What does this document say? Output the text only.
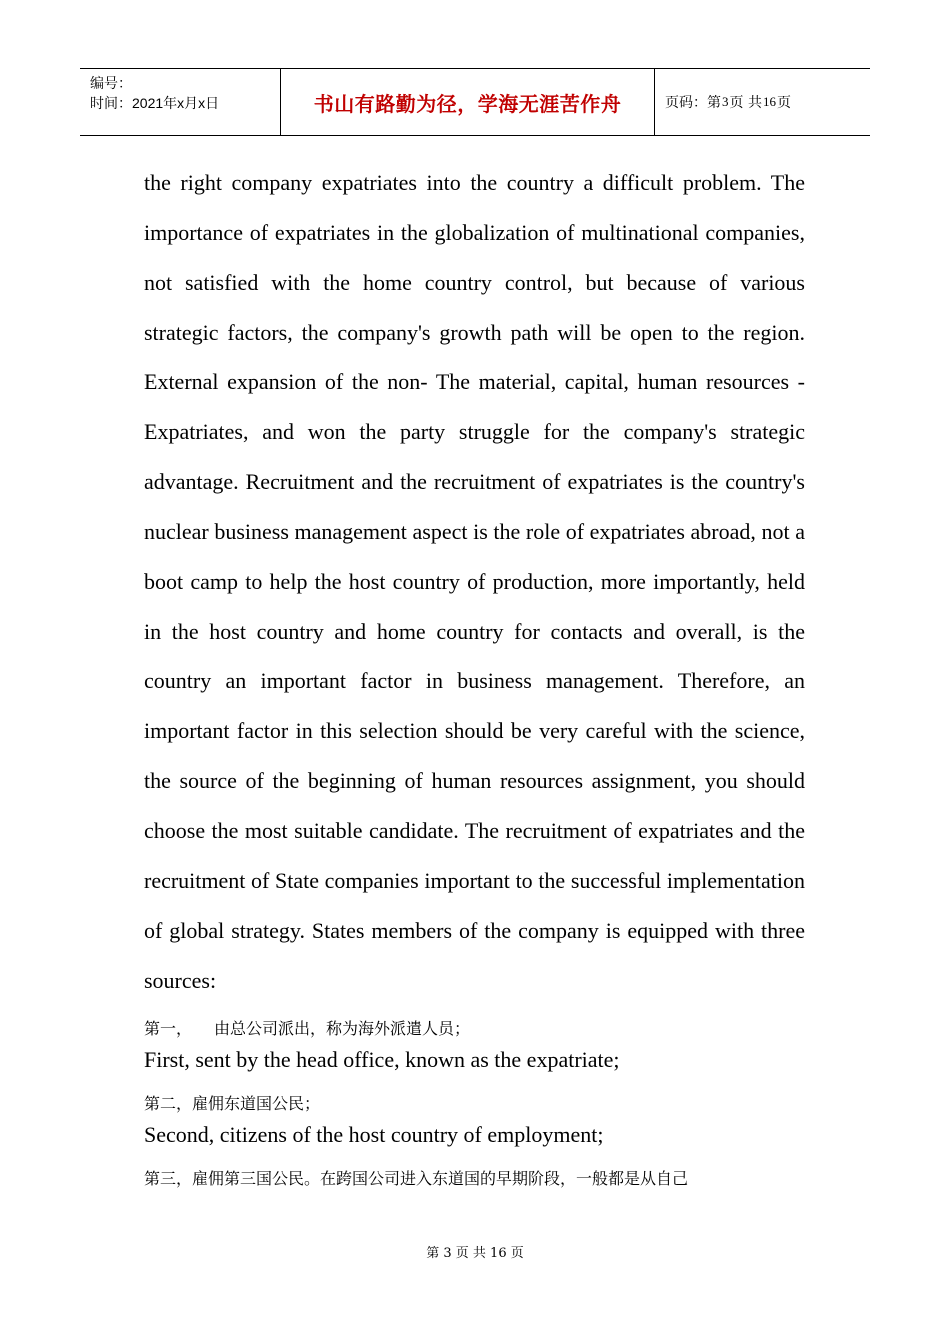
编号：
时间：2021年x月x日	书山有路勤为径，学海无涯苦作舟	页码：第 3 页 共 16 页

the right company expatriates into the country a difficult problem. The importance of expatriates in the globalization of multinational companies, not satisfied with the home country control, but because of various strategic factors, the company's growth path will be open to the region. External expansion of the non- The material, capital, human resources - Expatriates, and won the party struggle for the company's strategic advantage. Recruitment and the recruitment of expatriates is the country's nuclear business management aspect is the role of expatriates abroad, not a boot camp to help the host country of production, more importantly, held in the host country and home country for contacts and overall, is the country an important factor in business management. Therefore, an important factor in this selection should be very careful with the science, the source of the beginning of human resources assignment, you should choose the most suitable candidate. The recruitment of expatriates and the recruitment of State companies important to the successful implementation of global strategy. States members of the company is equipped with three sources:

第一， 由总公司派出，称为海外派遣人员；

First, sent by the head office, known as the expatriate;

第二，雇佣东道国公民；

Second, citizens of the host country of employment;

第三，雇佣第三国公民。在跨国公司进入东道国的早期阶段，一般都是从自己

第 3 页 共 16 页
